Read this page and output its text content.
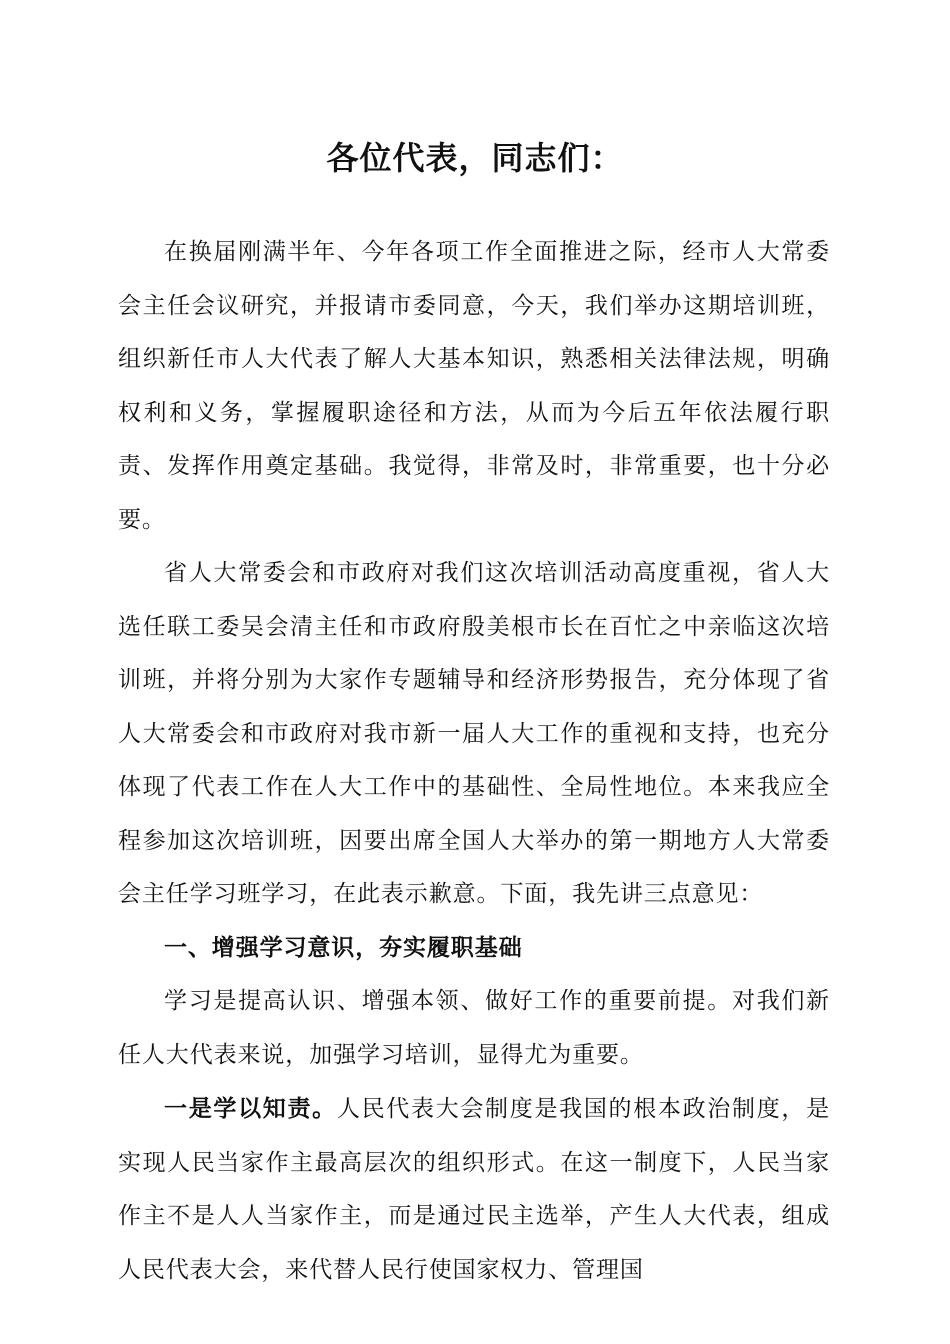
各位代表，同志们：

在换届刚满半年、今年各项工作全面推进之际，经市人大常委会主任会议研究，并报请市委同意，今天，我们举办这期培训班，组织新任市人大代表了解人大基本知识，熟悉相关法律法规，明确权利和义务，掌握履职途径和方法，从而为今后五年依法履行职责、发挥作用奠定基础。我觉得，非常及时，非常重要，也十分必要。

省人大常委会和市政府对我们这次培训活动高度重视，省人大选任联工委吴会清主任和市政府殷美根市长在百忙之中亲临这次培训班，并将分别为大家作专题辅导和经济形势报告，充分体现了省人大常委会和市政府对我市新一届人大工作的重视和支持，也充分体现了代表工作在人大工作中的基础性、全局性地位。本来我应全程参加这次培训班，因要出席全国人大举办的第一期地方人大常委会主任学习班学习，在此表示歉意。下面，我先讲三点意见：

一、增强学习意识，夯实履职基础

学习是提高认识、增强本领、做好工作的重要前提。对我们新任人大代表来说，加强学习培训，显得尤为重要。

一是学以知责。人民代表大会制度是我国的根本政治制度，是实现人民当家作主最高层次的组织形式。在这一制度下，人民当家作主不是人人当家作主，而是通过民主选举，产生人大代表，组成人民代表大会，来代替人民行使国家权力、管理国
